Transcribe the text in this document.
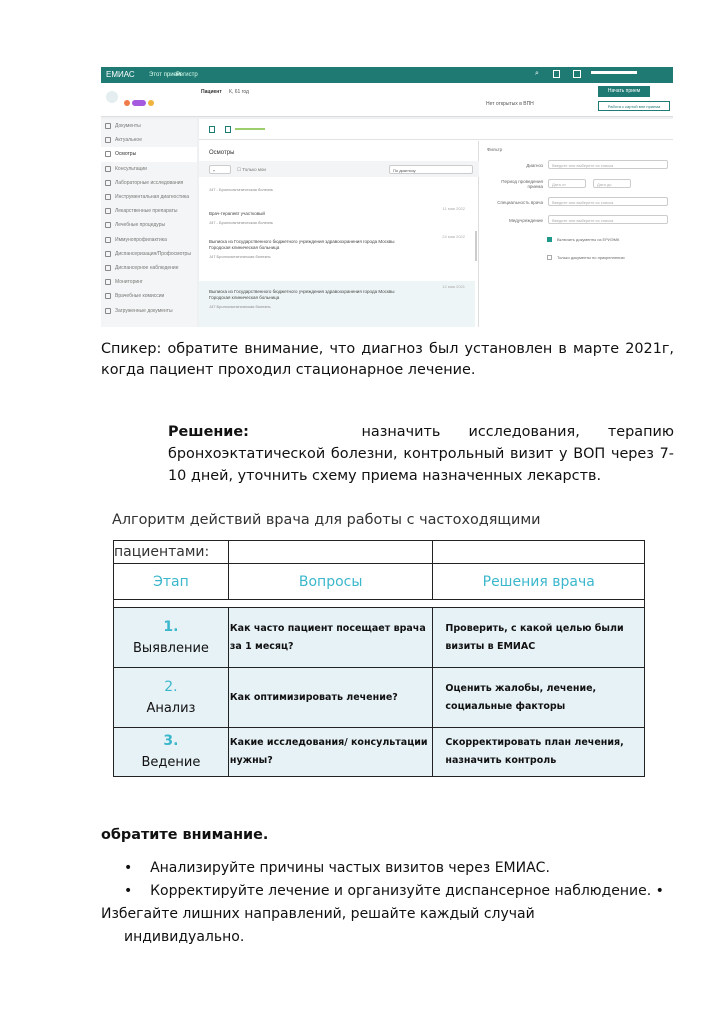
ЕМИАС Этот прием
Регистр	⌕
Пациент К, 61 год
Нет открытых в ВПН
Начать прием
Работа с картой вне приема
Документы
Актуальное
Осмотры
Консультации
Лабораторные исследования
Инструментальная диагностика
Лекарственные препараты
Лечебные процедуры
Иммунопрофилактика
Диспансеризация/Профосмотры
Диспансерное наблюдение
Мониторинг
Врачебные комиссии
Загруженные документы
Осмотры
▾	☐ Только мои	По диагнозу
J47 - Бронхоэктатическая болезнь
11 мая 2022
Врач-терапевт участковый
J47 - Бронхоэктатическая болезнь
24 мая 2022
Выписка из Государственного бюджетного учреждения здравоохранения города Москвы Городская клиническая больница
J47 Бронхоэктатическая болезнь
12 мая 2021
Выписка из Государственного бюджетного учреждения здравоохранения города Москвы Городская клиническая больница
J47 Бронхоэктатическая болезнь
Фильтр
Диагноз	Введите или выберите из списка
Период проведения приема	Дата от	Дата до
Специальность врача	Введите или выберите из списка
Медучреждение	Введите или выберите из списка
Включить документы из ЕРИЭМК
Только документы по прикреплению

Спикер: обратите внимание, что диагноз был установлен в марте 2021г, когда пациент проходил стационарное лечение.

Решение:	назначить исследования, терапию бронхоэктатической болезни, контрольный визит у ВОП через 7-10 дней, уточнить схему приема назначенных лекарств.

Алгоритм действий врача для работы с частоходящими
пациентами:		
Этап	Вопросы	Решения врача

1.
Выявление	Как часто пациент посещает врача за 1 месяц?	Проверить, с какой целью были визиты в ЕМИАС

2.
Анализ	Как оптимизировать лечение?	Оценить жалобы, лечение, социальные факторы

3.
Ведение	Какие исследования/ консультации нужны?	Скорректировать план лечения, назначить контроль
обратите внимание.
•    Анализируйте причины частых визитов через ЕМИАС.
•    Корректируйте лечение и организуйте диспансерное наблюдение. •
Избегайте лишних направлений, решайте каждый случай
индивидуально.
